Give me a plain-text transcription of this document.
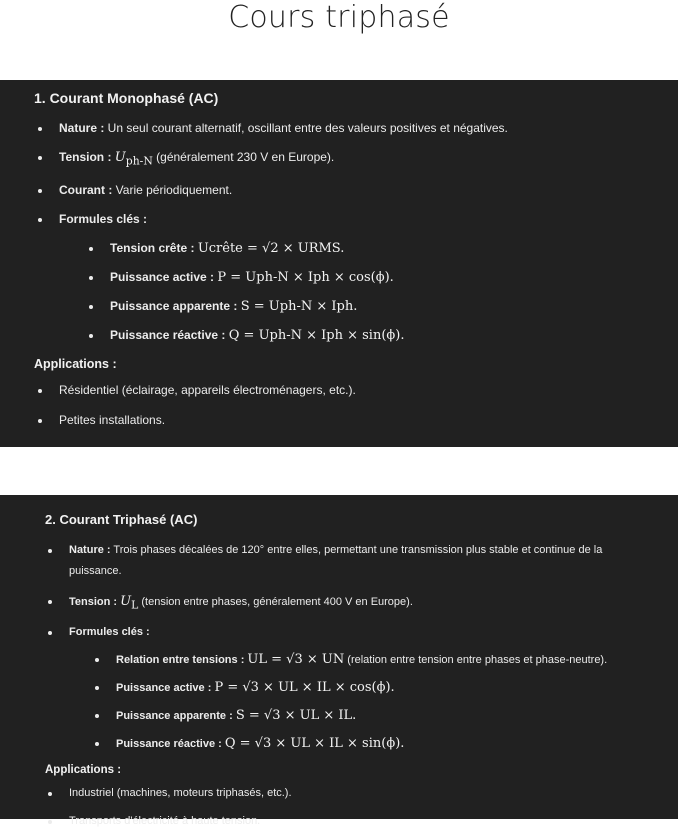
Cours triphasé
1. Courant Monophasé (AC)
Nature : Un seul courant alternatif, oscillant entre des valeurs positives et négatives.
Tension : $U_{ph-N}$ (généralement 230 V en Europe).
Courant : Varie périodiquement.
Formules clés :
Tension crête : Ucrête = √2 × URMS.
Puissance active : P = Uph-N × Iph × cos(ϕ).
Puissance apparente : S = Uph-N × Iph.
Puissance réactive : Q = Uph-N × Iph × sin(ϕ).
Applications :
Résidentiel (éclairage, appareils électroménagers, etc.).
Petites installations.
2. Courant Triphasé (AC)
Nature : Trois phases décalées de 120° entre elles, permettant une transmission plus stable et continue de la puissance.
Tension : $U_L$ (tension entre phases, généralement 400 V en Europe).
Formules clés :
Relation entre tensions : UL = √3 × UN (relation entre tension entre phases et phase-neutre).
Puissance active : P = √3 × UL × IL × cos(ϕ).
Puissance apparente : S = √3 × UL × IL.
Puissance réactive : Q = √3 × UL × IL × sin(ϕ).
Applications :
Industriel (machines, moteurs triphasés, etc.).
Transports d'électricité à haute tension.
